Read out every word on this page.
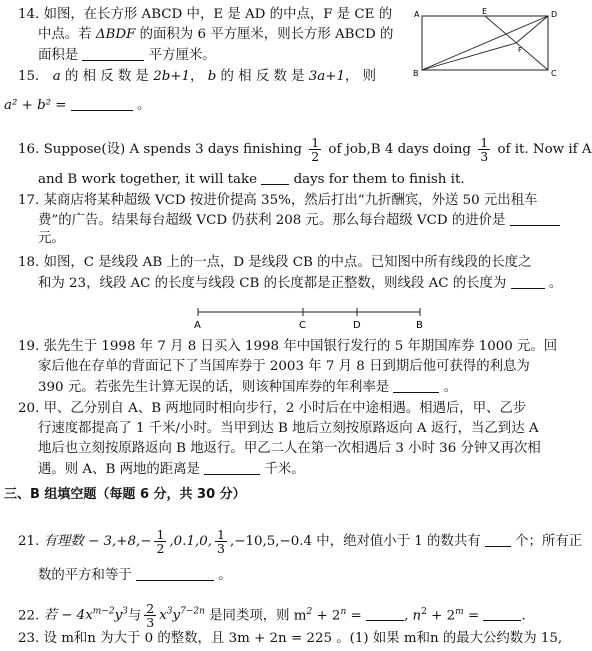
14. 如图，在长方形 ABCD 中，E 是 AD 的中点，F 是 CE 的
中点。若 ΔBDF 的面积为 6 平方厘米，则长方形 ABCD 的
面积是	平方厘米。
A	E	D
F
B	C
15． a 的 相 反 数 是 2b+1， b 的 相 反 数 是 3a+1， 则
a² + b² =	。
16. Suppose(设) A spends 3 days finishing $\frac{1}{2}$ of job,B 4 days doing $\frac{1}{3}$ of it. Now if A
and B work together, it will take	days for them to finish it.
17. 某商店将某种超级 VCD 按进价提高 35%，然后打出“九折酬宾，外送 50 元出租车
费”的广告。结果每台超级 VCD 仍获利 208 元。那么每台超级 VCD 的进价是
元。
18. 如图，C 是线段 AB 上的一点，D 是线段 CB 的中点。已知图中所有线段的长度之
和为 23，线段 AC 的长度与线段 CB 的长度都是正整数，则线段 AC 的长度为	。
A	C	D	B
19. 张先生于 1998 年 7 月 8 日买入 1998 年中国银行发行的 5 年期国库券 1000 元。回
家后他在存单的背面记下了当国库券于 2003 年 7 月 8 日到期后他可获得的利息为
390 元。若张先生计算无误的话，则该种国库券的年利率是	。
20. 甲、乙分别自 A、B 两地同时相向步行，2 小时后在中途相遇。相遇后，甲、乙步
行速度都提高了 1 千米/小时。当甲到达 B 地后立刻按原路返向 A 返行，当乙到达 A
地后也立刻按原路返向 B 地返行。甲乙二人在第一次相遇后 3 小时 36 分钟又再次相
遇。则 A、B 两地的距离是	千米。
三、B 组填空题（每题 6 分，共 30 分）
21. 有理数 − $3,+8,- \frac{1}{2} ,0.1,0$, $\frac{1}{3} ,-10,5,-0.4$ 中，绝对值小于 1 的数共有	个；所有正
数的平方和等于	。
22. 若 − $4x^{m-2}y^3$与 $\frac{2}{3} x^3y^{7-2n}$ 是同类项，则 $m^2 + 2^n$ =	, $n^2 + 2^m$ =	.
23. 设 m和n 为大于 0 的整数，且 3m + 2n = 225 。(1) 如果 m和n 的最大公约数为 15,
